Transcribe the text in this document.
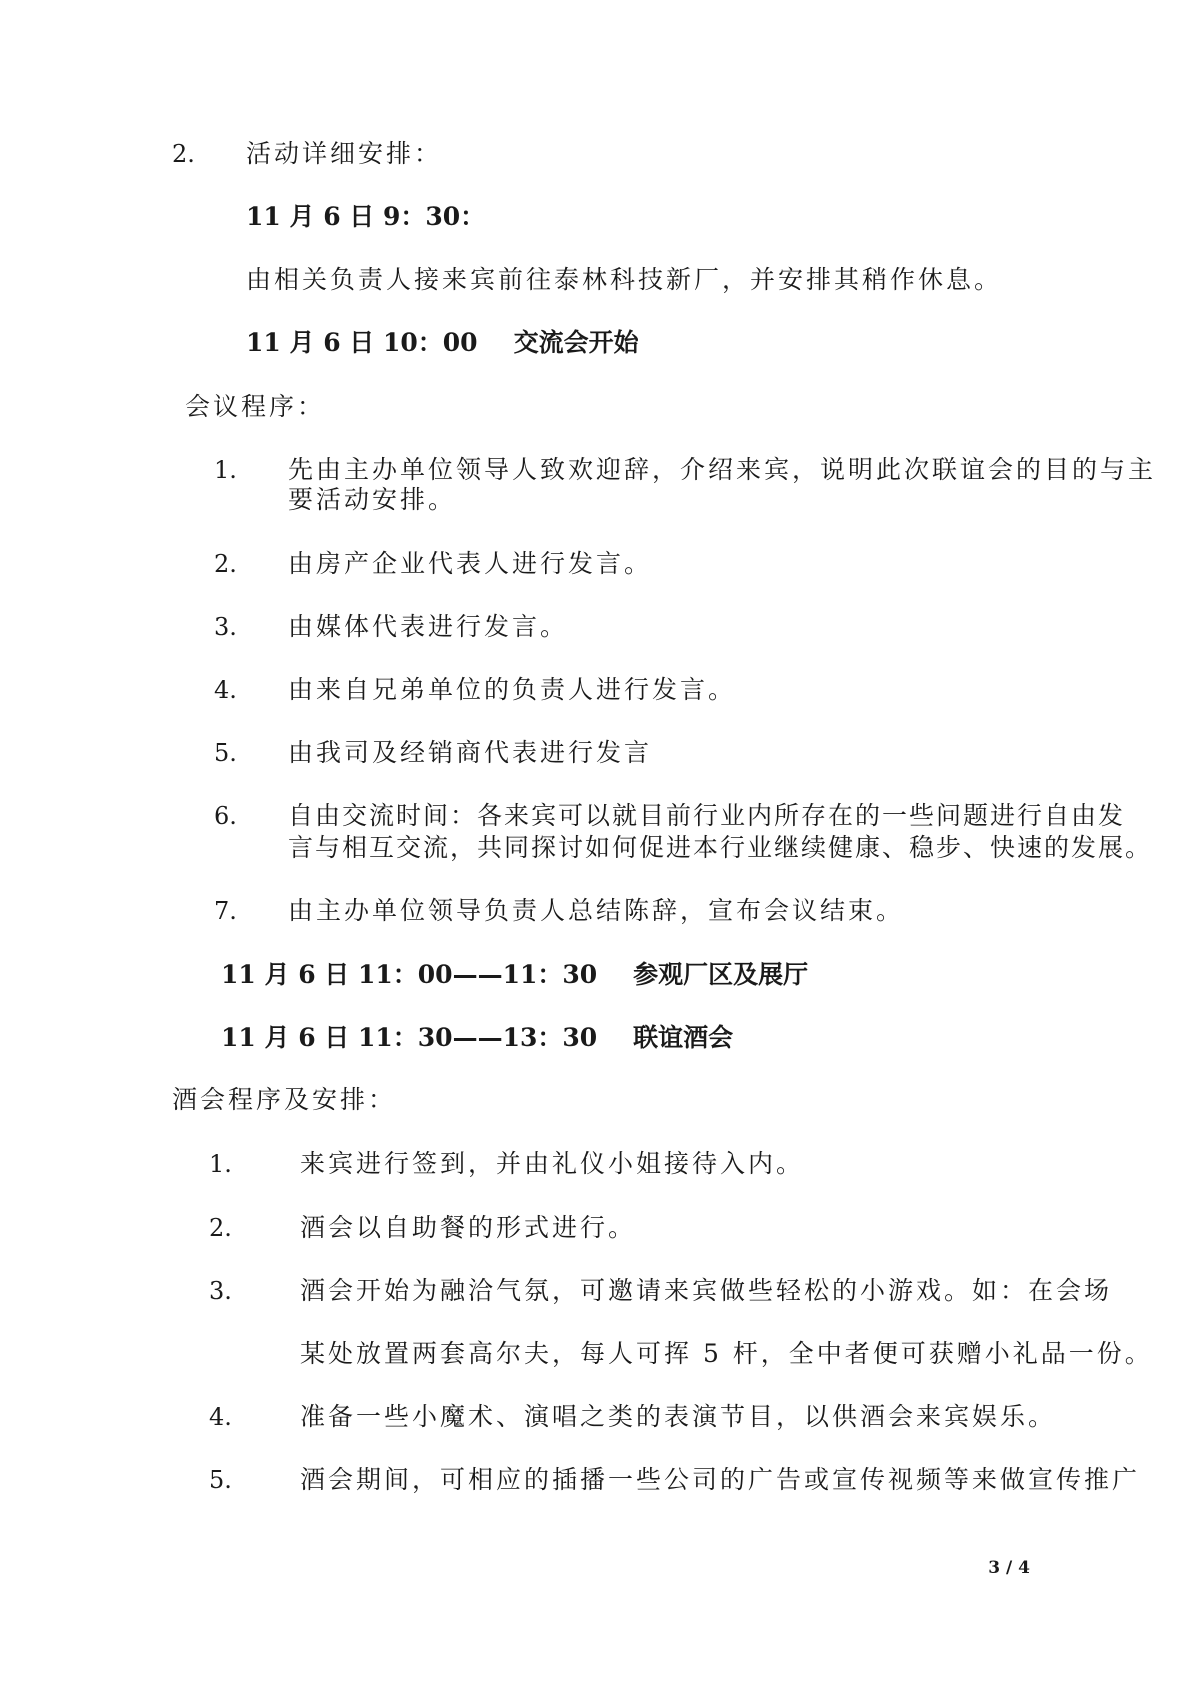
2. 活动详细安排：
11 月 6 日 9：30：
由相关负责人接来宾前往泰林科技新厂，并安排其稍作休息。
11 月 6 日 10：00 交流会开始
会议程序：
1. 先由主办单位领导人致欢迎辞，介绍来宾，说明此次联谊会的目的与主
要活动安排。
2. 由房产企业代表人进行发言。
3. 由媒体代表进行发言。
4. 由来自兄弟单位的负责人进行发言。
5. 由我司及经销商代表进行发言
6. 自由交流时间：各来宾可以就目前行业内所存在的一些问题进行自由发
言与相互交流，共同探讨如何促进本行业继续健康、稳步、快速的发展。
7. 由主办单位领导负责人总结陈辞，宣布会议结束。
11 月 6 日 11：00——11：30 参观厂区及展厅
11 月 6 日 11：30——13：30 联谊酒会
酒会程序及安排：
1.	来宾进行签到，并由礼仪小姐接待入内。
2.	酒会以自助餐的形式进行。
3.	酒会开始为融洽气氛，可邀请来宾做些轻松的小游戏。如：在会场
某处放置两套高尔夫，每人可挥 5 杆，全中者便可获赠小礼品一份。
4.	准备一些小魔术、演唱之类的表演节目，以供酒会来宾娱乐。
5.	酒会期间，可相应的插播一些公司的广告或宣传视频等来做宣传推广
3 / 4
